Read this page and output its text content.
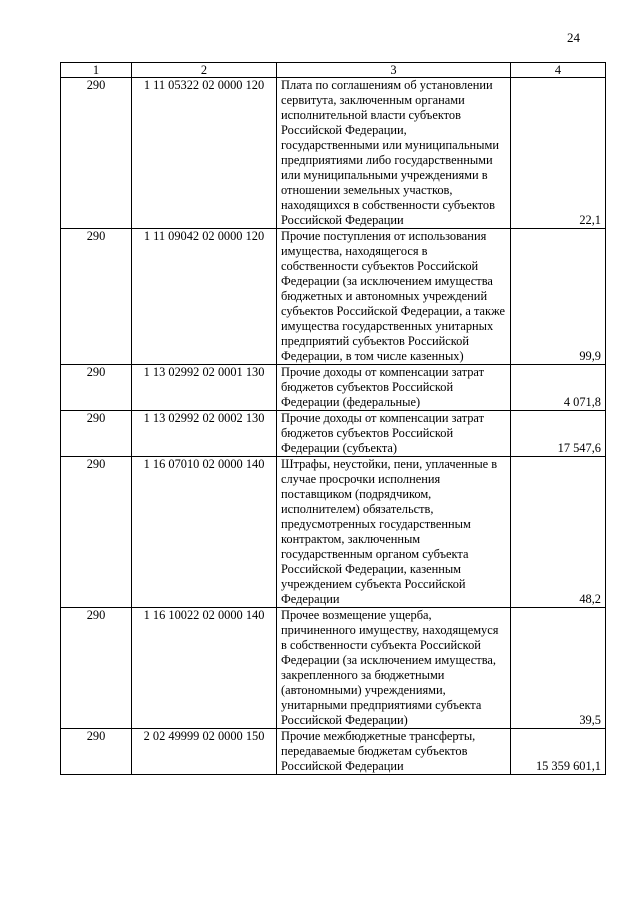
24
1	2	3	4
290	1 11 05322 02 0000 120	Плата по соглашениям об установлении сервитута, заключенным органами исполнительной власти субъектов Российской Федерации, государственными или муниципальными предприятиями либо государственными или муниципальными учреждениями в отношении земельных участков, находящихся в собственности субъектов Российской Федерации	22,1
290	1 11 09042 02 0000 120	Прочие поступления от использования имущества, находящегося в собственности субъектов Российской Федерации (за исключением имущества бюджетных и автономных учреждений субъектов Российской Федерации, а также имущества государственных унитарных предприятий субъектов Российской Федерации, в том числе казенных)	99,9
290	1 13 02992 02 0001 130	Прочие доходы от компенсации затрат бюджетов субъектов Российской Федерации (федеральные)	4 071,8
290	1 13 02992 02 0002 130	Прочие доходы от компенсации затрат бюджетов субъектов Российской Федерации (субъекта)	17 547,6
290	1 16 07010 02 0000 140	Штрафы, неустойки, пени, уплаченные в случае просрочки исполнения поставщиком (подрядчиком, исполнителем) обязательств, предусмотренных государственным контрактом, заключенным государственным органом субъекта Российской Федерации, казенным учреждением субъекта Российской Федерации	48,2
290	1 16 10022 02 0000 140	Прочее возмещение ущерба, причиненного имуществу, находящемуся в собственности субъекта Российской Федерации (за исключением имущества, закрепленного за бюджетными (автономными) учреждениями, унитарными предприятиями субъекта Российской Федерации)	39,5
290	2 02 49999 02 0000 150	Прочие межбюджетные трансферты, передаваемые бюджетам субъектов Российской Федерации	15 359 601,1
